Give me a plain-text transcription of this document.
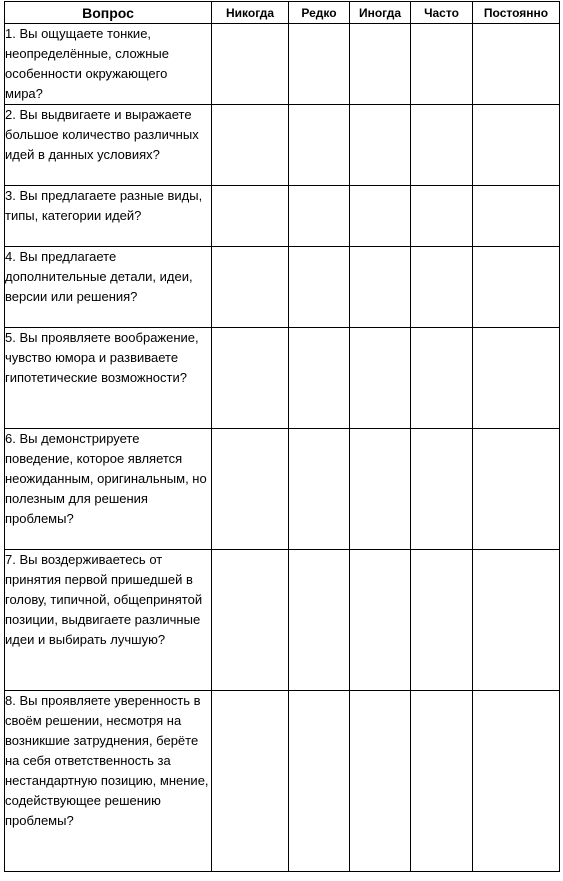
Вопрос	Никогда	Редко	Иногда	Часто	Постоянно
1. Вы ощущаете тонкие, неопределённые, сложные особенности окружающего мира?					
2. Вы выдвигаете и выражаете большое количество различных идей в данных условиях?					
3. Вы предлагаете разные виды, типы, категории идей?					
4. Вы предлагаете дополнительные детали, идеи, версии или решения?					
5. Вы проявляете воображение, чувство юмора и развиваете гипотетические возможности?					
6. Вы демонстрируете поведение, которое является неожиданным, оригинальным, но полезным для решения проблемы?					
7. Вы воздерживаетесь от принятия первой пришедшей в голову, типичной, общепринятой позиции, выдвигаете различные идеи и выбирать лучшую?					
8. Вы проявляете уверенность в своём решении, несмотря на возникшие затруднения, берёте на себя ответственность за нестандартную позицию, мнение, содействующее решению проблемы?					
